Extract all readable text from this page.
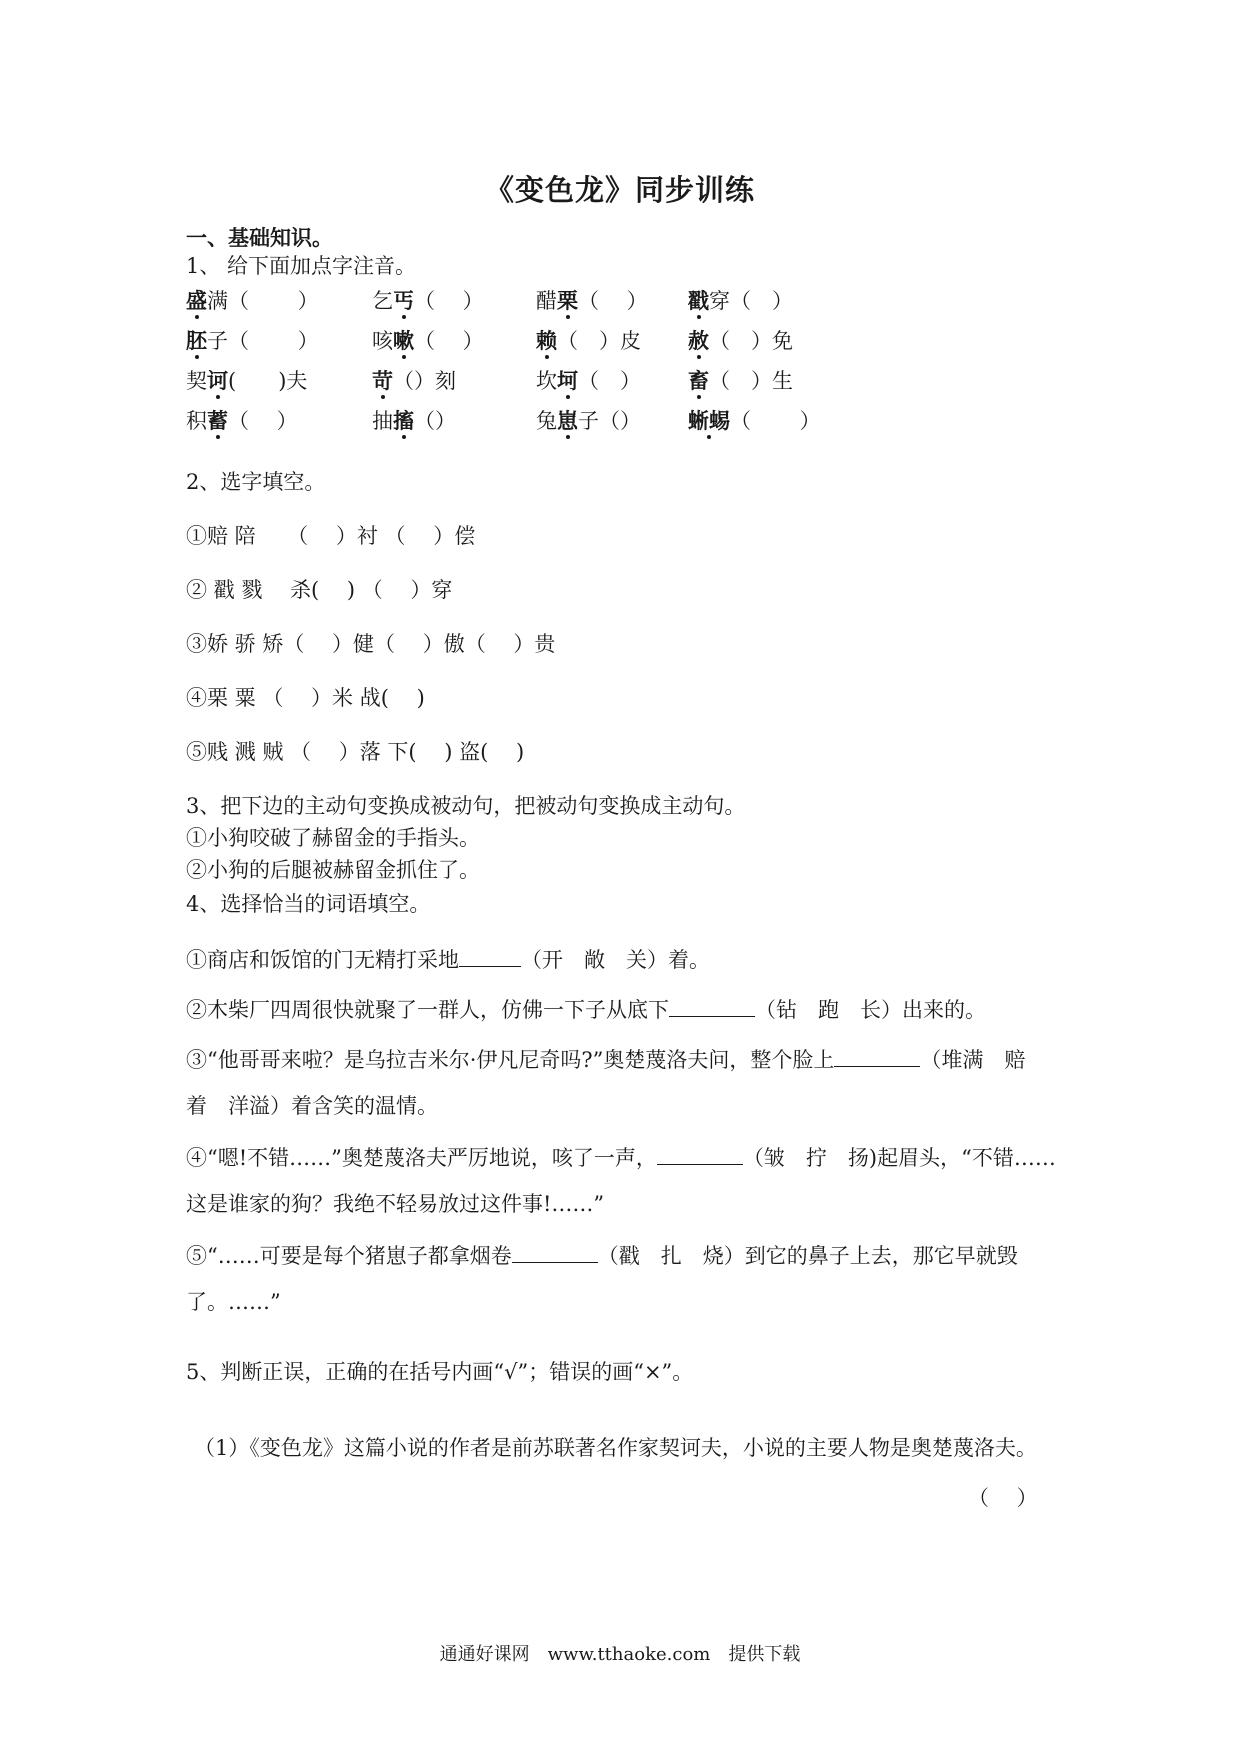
《变色龙》同步训练
一、基础知识。
1、 给下面加点字注音。
盛满（　　 ）	乞丐（　 ） 醋栗（　 ） 戳穿（　）
胚子（　　 ）	咳嗽（　 ） 赖（　）皮 赦（　）免
契诃(　　)夫	苛（）刻	坎坷（　） 畜（　）生
积蓄（　 ）	抽搐（）	兔崽子（） 蜥蜴（　　 ）
2、选字填空。
①赔 陪　　（　 ）衬 （　 ）偿
② 戳 戮　 杀(　 ) （　 ）穿
③娇 骄 矫（　 ）健（　 ）傲（　 ）贵
④栗 粟 （　 ）米 战(　 )
⑤贱 溅 贼 （　 ）落 下(　 ) 盗(　 )
3、把下边的主动句变换成被动句，把被动句变换成主动句。
①小狗咬破了赫留金的手指头。
②小狗的后腿被赫留金抓住了。
4、选择恰当的词语填空。
①商店和饭馆的门无精打采地	（开　敞　关）着。
②木柴厂四周很快就聚了一群人，仿佛一下子从底下	（钻　跑　长）出来的。
③“他哥哥来啦？是乌拉吉米尔·伊凡尼奇吗?”奥楚蔑洛夫问，整个脸上	（堆满　赔
着　洋溢）着含笑的温情。
④“嗯!不错……”奥楚蔑洛夫严厉地说，咳了一声，	（皱　拧　扬)起眉头，“不错……
这是谁家的狗？我绝不轻易放过这件事!……”
⑤“……可要是每个猪崽子都拿烟卷	（戳　扎　烧）到它的鼻子上去，那它早就毁
了。……”
5、判断正误，正确的在括号内画“√”；错误的画“×”。
（1）《变色龙》这篇小说的作者是前苏联著名作家契诃夫，小说的主要人物是奥楚蔑洛夫。
（　 ）
通通好课网　www.tthaoke.com　提供下载
